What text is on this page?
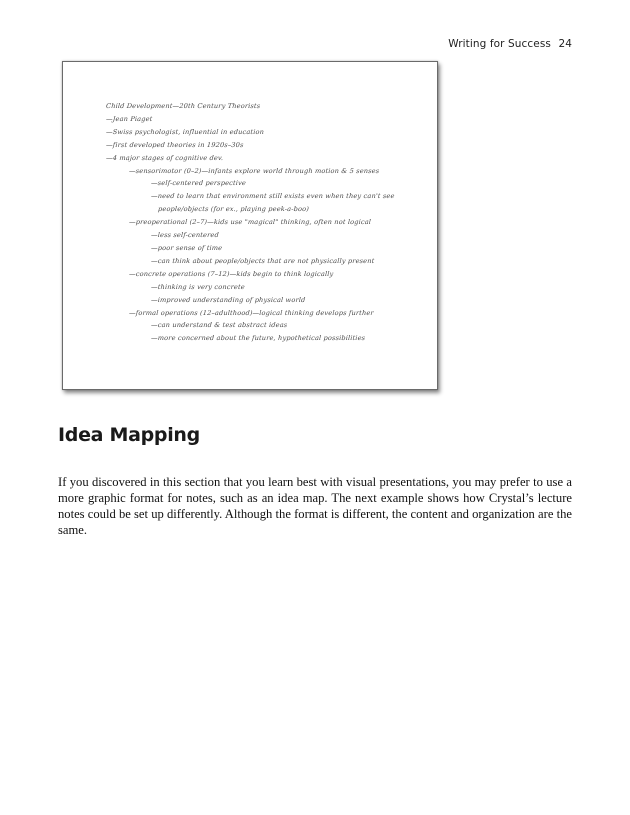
Writing for Success 24
Child Development—20th Century Theorists
—Jean Piaget
—Swiss psychologist, influential in education
—first developed theories in 1920s–30s
—4 major stages of cognitive dev.
—sensorimotor (0–2)—infants explore world through motion & 5 senses
—self-centered perspective
—need to learn that environment still exists even when they can't see
people/objects (for ex., playing peek-a-boo)
—preoperational (2–7)—kids use "magical" thinking, often not logical
—less self-centered
—poor sense of time
—can think about people/objects that are not physically present
—concrete operations (7–12)—kids begin to think logically
—thinking is very concrete
—improved understanding of physical world
—formal operations (12–adulthood)—logical thinking develops further
—can understand & test abstract ideas
—more concerned about the future, hypothetical possibilities
Idea Mapping

If you discovered in this section that you learn best with visual presentations, you may prefer to use a more graphic format for notes, such as an idea map. The next example shows how Crystal’s lecture notes could be set up differently. Although the format is different, the content and organization are the same.
